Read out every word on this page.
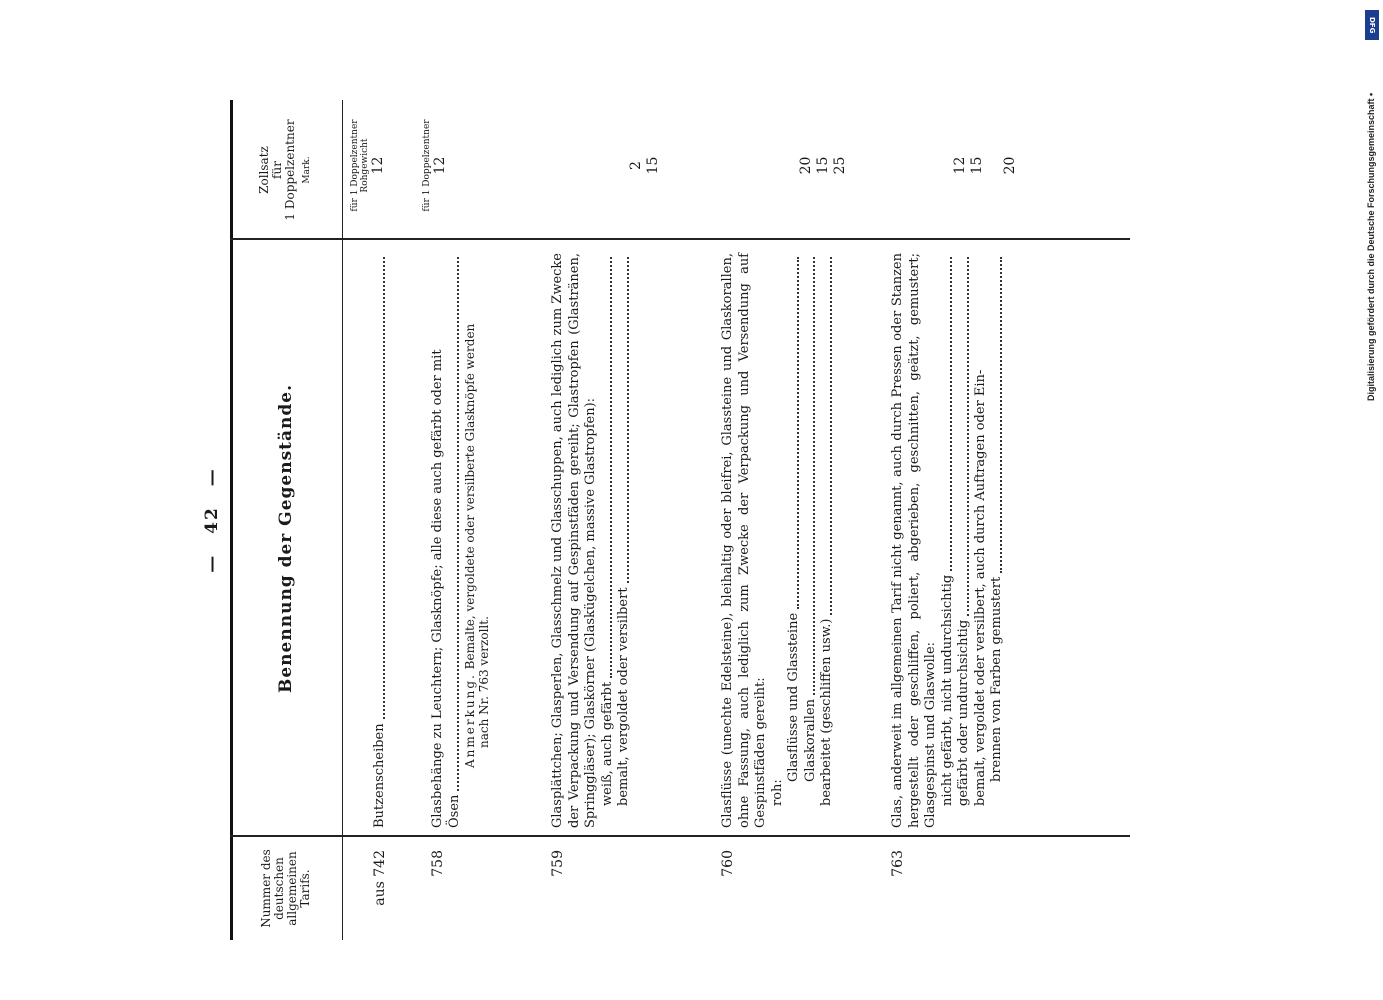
DFG
Digitalisierung gefördert durch die Deutsche Forschungsgemeinschaft •
— 42 —
Nummer des deutschen allgemeinen Tarifs.
Benennung der Gegenstände.
Zollsatz für 1 Doppelzentner Mark.
aus 742
Butzenscheiben
für 1 Doppelzentner Rohgewicht 12
758
Glasbehänge zu Leuchtern; Glasknöpfe; alle diese auch gefärbt oder mit Ösen
Anmerkung. Bemalte, vergoldete oder versilberte Glasknöpfe werden
nach Nr. 763 verzollt.
für 1 Doppelzentner 12
759
Glasplättchen; Glasperlen, Glasschmelz und Glasschuppen, auch lediglich zum Zwecke der Verpackung und Versendung auf Gespinstfäden gereiht; Glastropfen (Glastränen, Springgläser); Glaskörner (Glaskügelchen, massive Glastropfen): weiß, auch gefärbt bemalt, vergoldet oder versilbert
2 15
760
Glasflüsse (unechte Edelsteine), bleihaltig oder bleifrei, Glassteine und Glaskorallen, ohne Fassung, auch lediglich zum Zwecke der Verpackung und Versendung auf Gespinstfäden gereiht: roh:
Glasflüsse und Glassteine Glaskorallen bearbeitet (geschliffen usw.)
20 15 25
763
Glas, anderweit im allgemeinen Tarif nicht genannt, auch durch Pressen oder Stanzen hergestellt oder geschliffen, poliert, abgerieben, geschnitten, geätzt, gemustert; Glasgespinst und Glaswolle: nicht gefärbt, nicht undurchsichtig gefärbt oder undurchsichtig bemalt, vergoldet oder versilbert, auch durch Auftragen oder Ein- brennen von Farben gemustert
12 15 20
